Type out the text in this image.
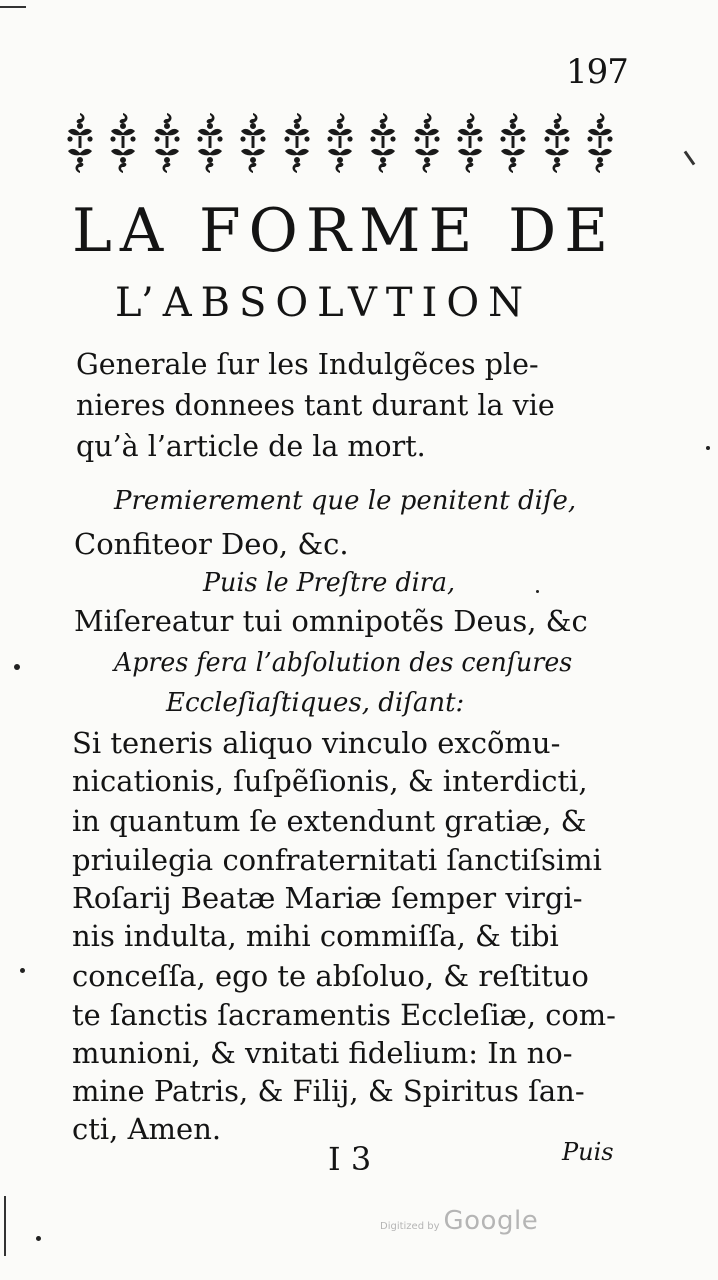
197
LA FORME DE
L’ABSOLVTION
Generale ſur les Indulgẽces ple-
nieres donnees tant durant la vie
qu’à l’article de la mort.
Premierement que le penitent diſe,
Confiteor Deo, &c.
Puis le Preſtre dira,
Miſereatur tui omnipotẽs Deus, &c
Apres fera l’abſolution des cenſures
Eccleſiaſtiques, diſant:
Si teneris aliquo vinculo excõmu-
nicationis, ſuſpẽſionis, & interdicti,
in quantum ſe extendunt gratiæ, &
priuilegia confraternitati ſanctiſsimi
Roſarij Beatæ Mariæ ſemper virgi-
nis indulta, mihi commiſſa, & tibi
conceſſa, ego te abſoluo, & reſtituo
te ſanctis ſacramentis Eccleſiæ, com-
munioni, & vnitati fidelium: In no-
mine Patris, & Filij, & Spiritus ſan-
cti, Amen.
I 3	Puis
Digitized by Google
